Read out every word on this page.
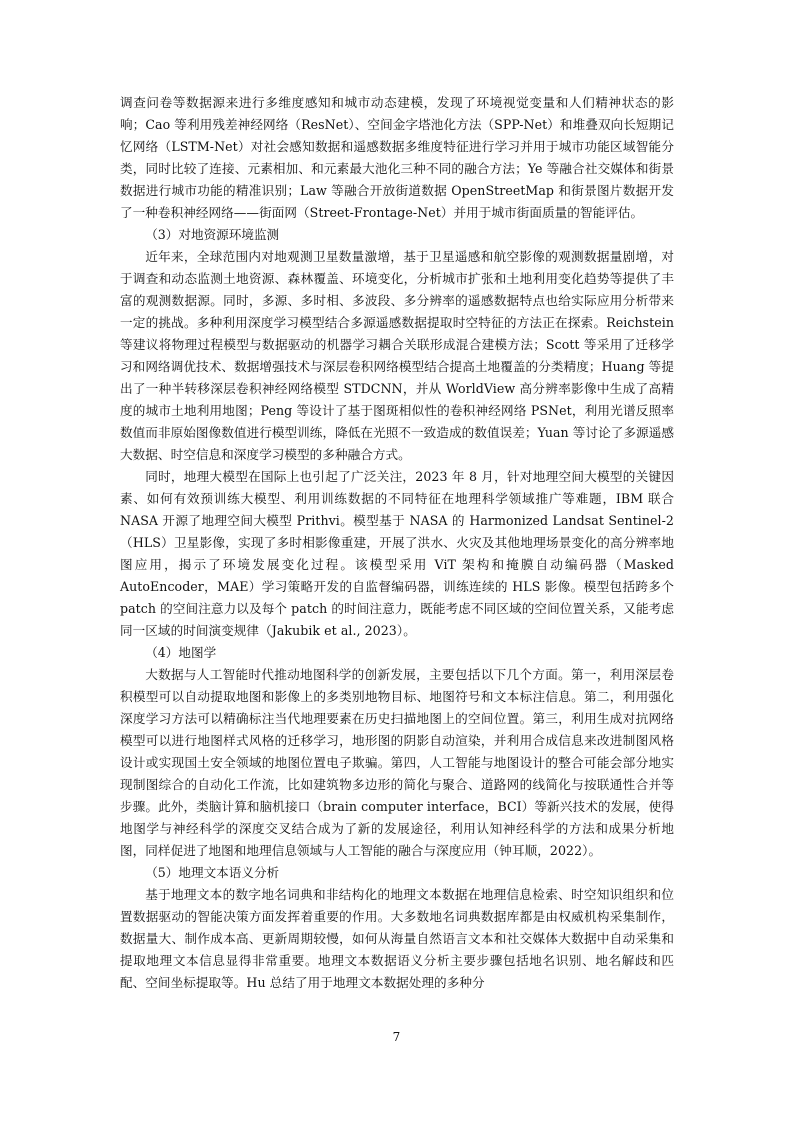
调查问卷等数据源来进行多维度感知和城市动态建模，发现了环境视觉变量和人们精神状态的影响；Cao 等利用残差神经网络（ResNet）、空间金字塔池化方法（SPP-Net）和堆叠双向长短期记忆网络（LSTM-Net）对社会感知数据和遥感数据多维度特征进行学习并用于城市功能区域智能分类，同时比较了连接、元素相加、和元素最大池化三种不同的融合方法；Ye 等融合社交媒体和街景数据进行城市功能的精准识别；Law 等融合开放街道数据 OpenStreetMap 和街景图片数据开发了一种卷积神经网络——街面网（Street-Frontage-Net）并用于城市街面质量的智能评估。

（3）对地资源环境监测

近年来，全球范围内对地观测卫星数量激增，基于卫星遥感和航空影像的观测数据量剧增，对于调查和动态监测土地资源、森林覆盖、环境变化，分析城市扩张和土地利用变化趋势等提供了丰富的观测数据源。同时，多源、多时相、多波段、多分辨率的遥感数据特点也给实际应用分析带来一定的挑战。多种利用深度学习模型结合多源遥感数据提取时空特征的方法正在探索。Reichstein 等建议将物理过程模型与数据驱动的机器学习耦合关联形成混合建模方法；Scott 等采用了迁移学习和网络调优技术、数据增强技术与深层卷积网络模型结合提高土地覆盖的分类精度；Huang 等提出了一种半转移深层卷积神经网络模型 STDCNN，并从 WorldView 高分辨率影像中生成了高精度的城市土地利用地图；Peng 等设计了基于图斑相似性的卷积神经网络 PSNet，利用光谱反照率数值而非原始图像数值进行模型训练，降低在光照不一致造成的数值误差；Yuan 等讨论了多源遥感大数据、时空信息和深度学习模型的多种融合方式。

同时，地理大模型在国际上也引起了广泛关注，2023 年 8 月，针对地理空间大模型的关键因素、如何有效预训练大模型、利用训练数据的不同特征在地理科学领域推广等难题，IBM 联合 NASA 开源了地理空间大模型 Prithvi。模型基于 NASA 的 Harmonized Landsat Sentinel-2（HLS）卫星影像，实现了多时相影像重建，开展了洪水、火灾及其他地理场景变化的高分辨率地图应用，揭示了环境发展变化过程。该模型采用 ViT 架构和掩膜自动编码器（Masked AutoEncoder，MAE）学习策略开发的自监督编码器，训练连续的 HLS 影像。模型包括跨多个 patch 的空间注意力以及每个 patch 的时间注意力，既能考虑不同区域的空间位置关系，又能考虑同一区域的时间演变规律（Jakubik et al., 2023）。

（4）地图学

大数据与人工智能时代推动地图科学的创新发展，主要包括以下几个方面。第一，利用深层卷积模型可以自动提取地图和影像上的多类别地物目标、地图符号和文本标注信息。第二，利用强化深度学习方法可以精确标注当代地理要素在历史扫描地图上的空间位置。第三，利用生成对抗网络模型可以进行地图样式风格的迁移学习，地形图的阴影自动渲染，并利用合成信息来改进制图风格设计或实现国土安全领域的地图位置电子欺骗。第四，人工智能与地图设计的整合可能会部分地实现制图综合的自动化工作流，比如建筑物多边形的简化与聚合、道路网的线简化与按联通性合并等步骤。此外，类脑计算和脑机接口（brain computer interface，BCI）等新兴技术的发展，使得地图学与神经科学的深度交叉结合成为了新的发展途径，利用认知神经科学的方法和成果分析地图，同样促进了地图和地理信息领域与人工智能的融合与深度应用（钟耳顺，2022）。

（5）地理文本语义分析

基于地理文本的数字地名词典和非结构化的地理文本数据在地理信息检索、时空知识组织和位置数据驱动的智能决策方面发挥着重要的作用。大多数地名词典数据库都是由权威机构采集制作，数据量大、制作成本高、更新周期较慢，如何从海量自然语言文本和社交媒体大数据中自动采集和提取地理文本信息显得非常重要。地理文本数据语义分析主要步骤包括地名识别、地名解歧和匹配、空间坐标提取等。Hu 总结了用于地理文本数据处理的多种分

7
